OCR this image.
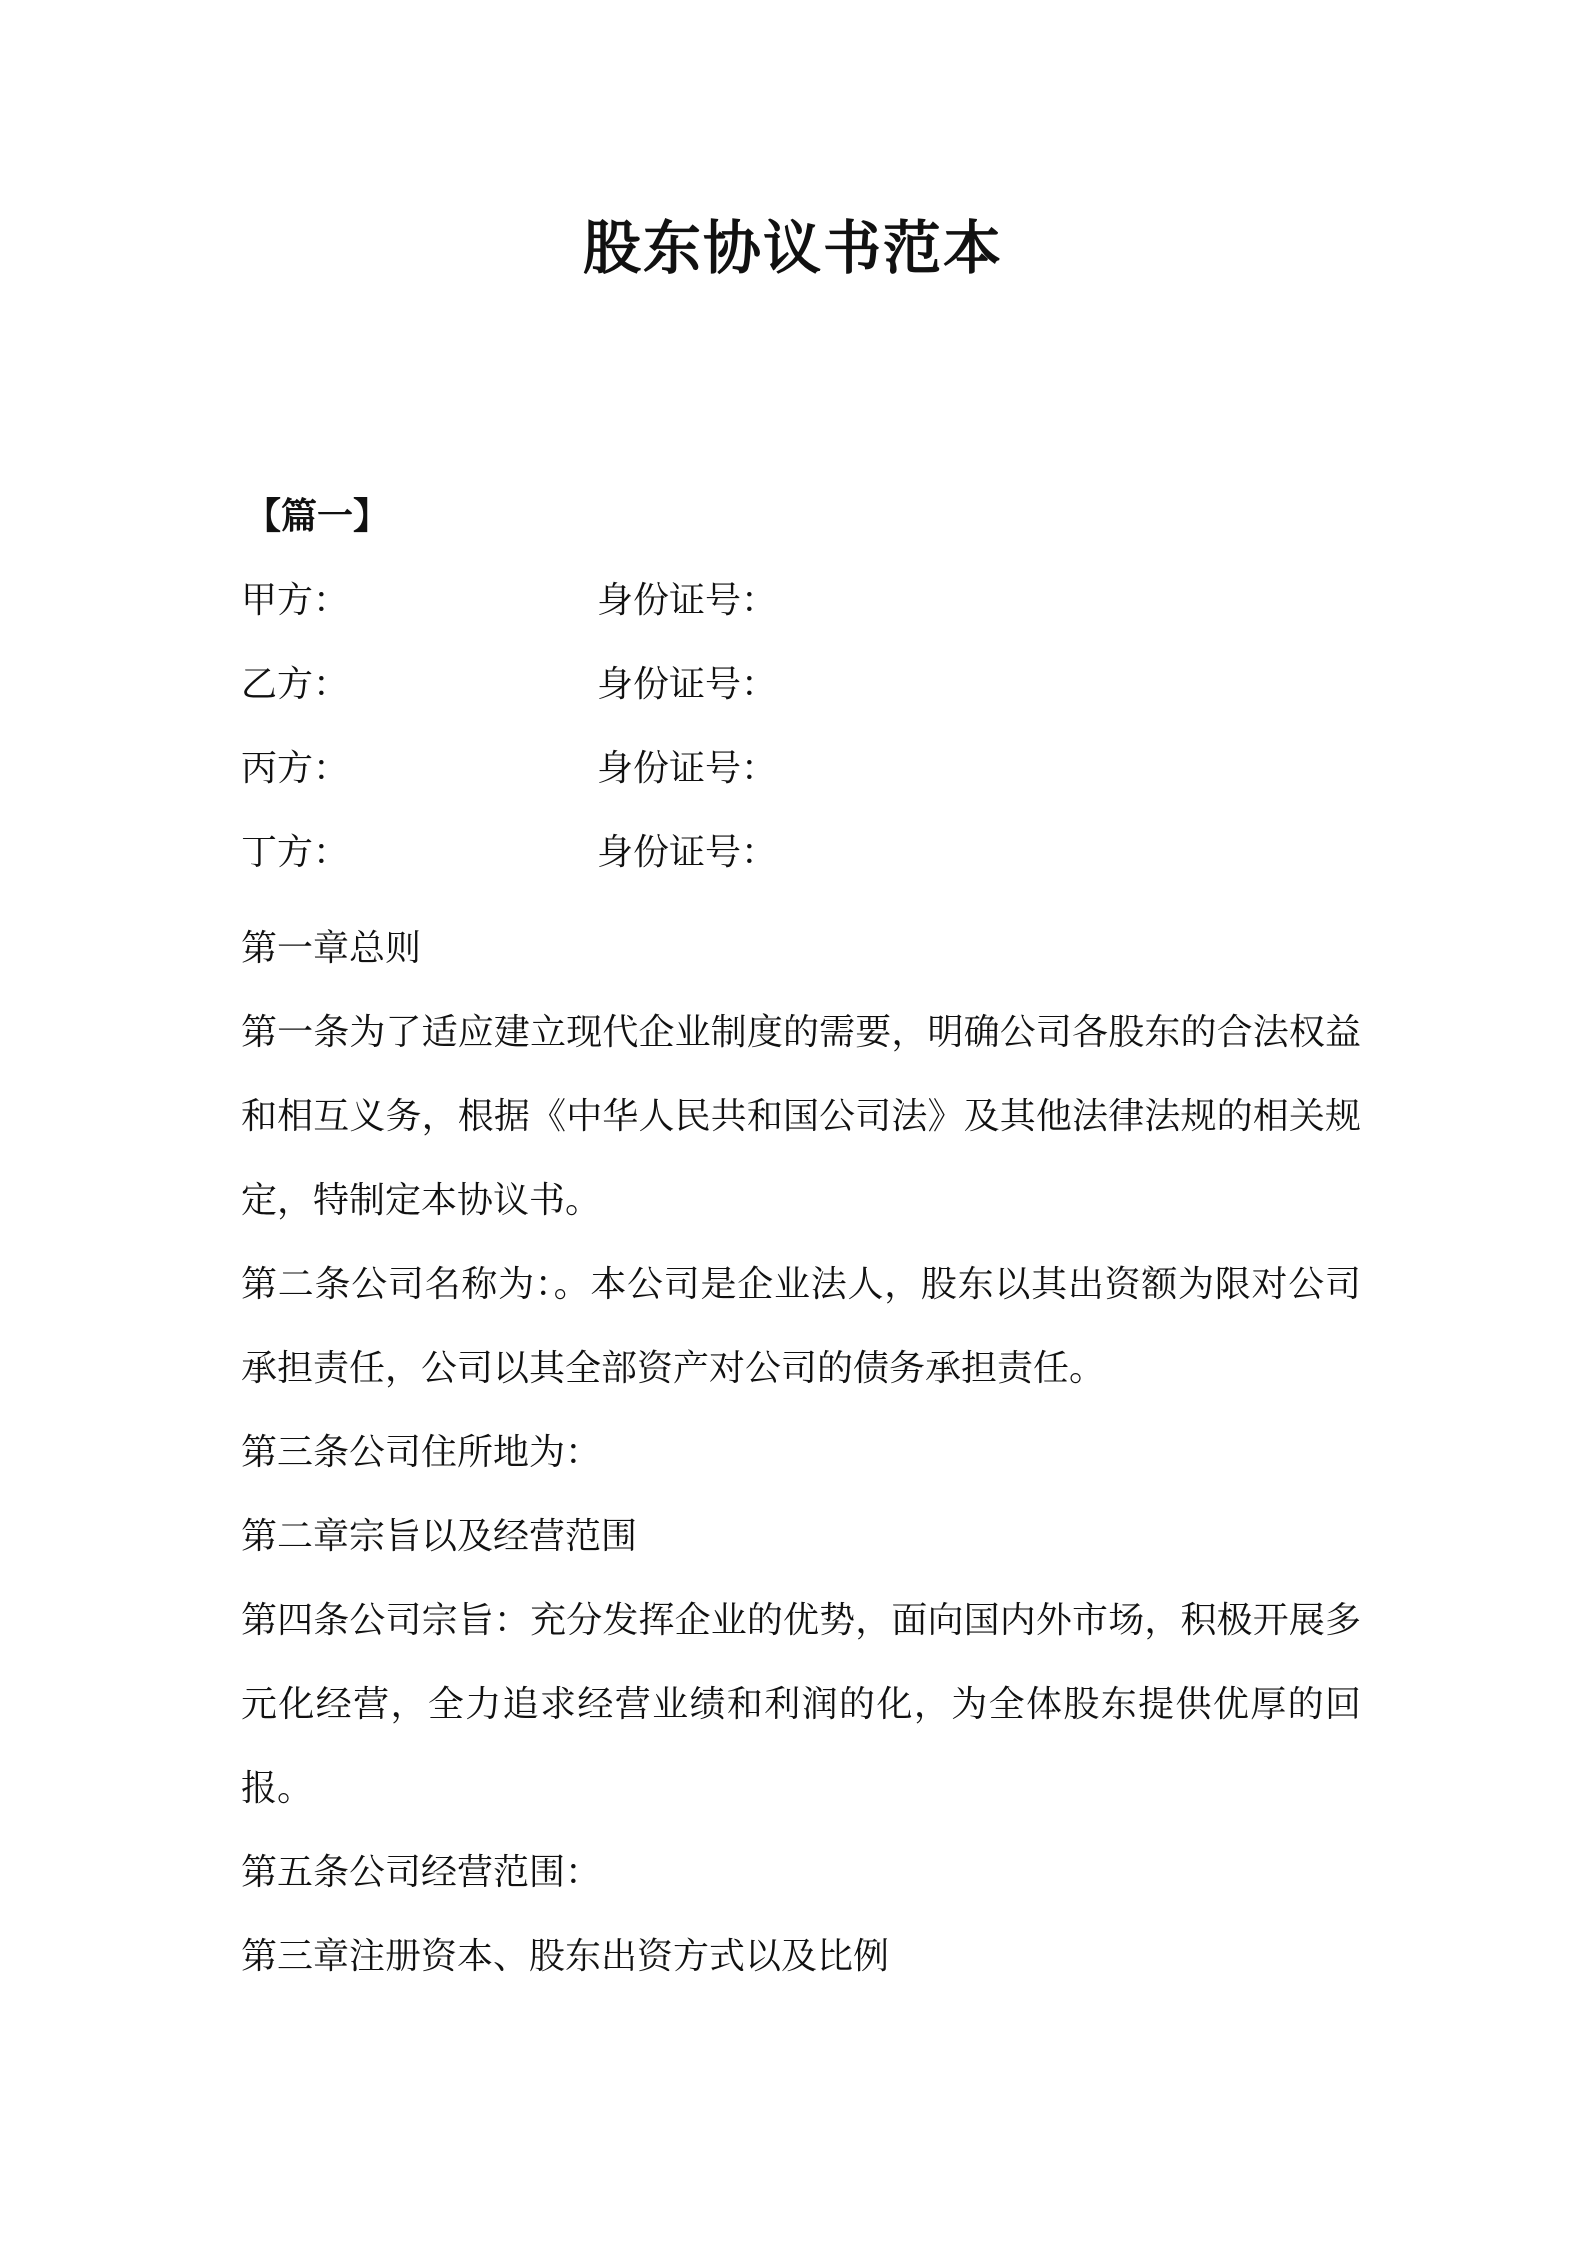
股东协议书范本
【篇一】
甲方：	身份证号：
乙方：	身份证号：
丙方：	身份证号：
丁方：	身份证号：

第一章总则

第一条为了适应建立现代企业制度的需要，明确公司各股东的合法权益和相互义务，根据《中华人民共和国公司法》及其他法律法规的相关规定，特制定本协议书。

第二条公司名称为：。本公司是企业法人，股东以其出资额为限对公司承担责任，公司以其全部资产对公司的债务承担责任。

第三条公司住所地为：

第二章宗旨以及经营范围

第四条公司宗旨：充分发挥企业的优势，面向国内外市场，积极开展多元化经营，全力追求经营业绩和利润的化，为全体股东提供优厚的回报。

第五条公司经营范围：

第三章注册资本、股东出资方式以及比例
